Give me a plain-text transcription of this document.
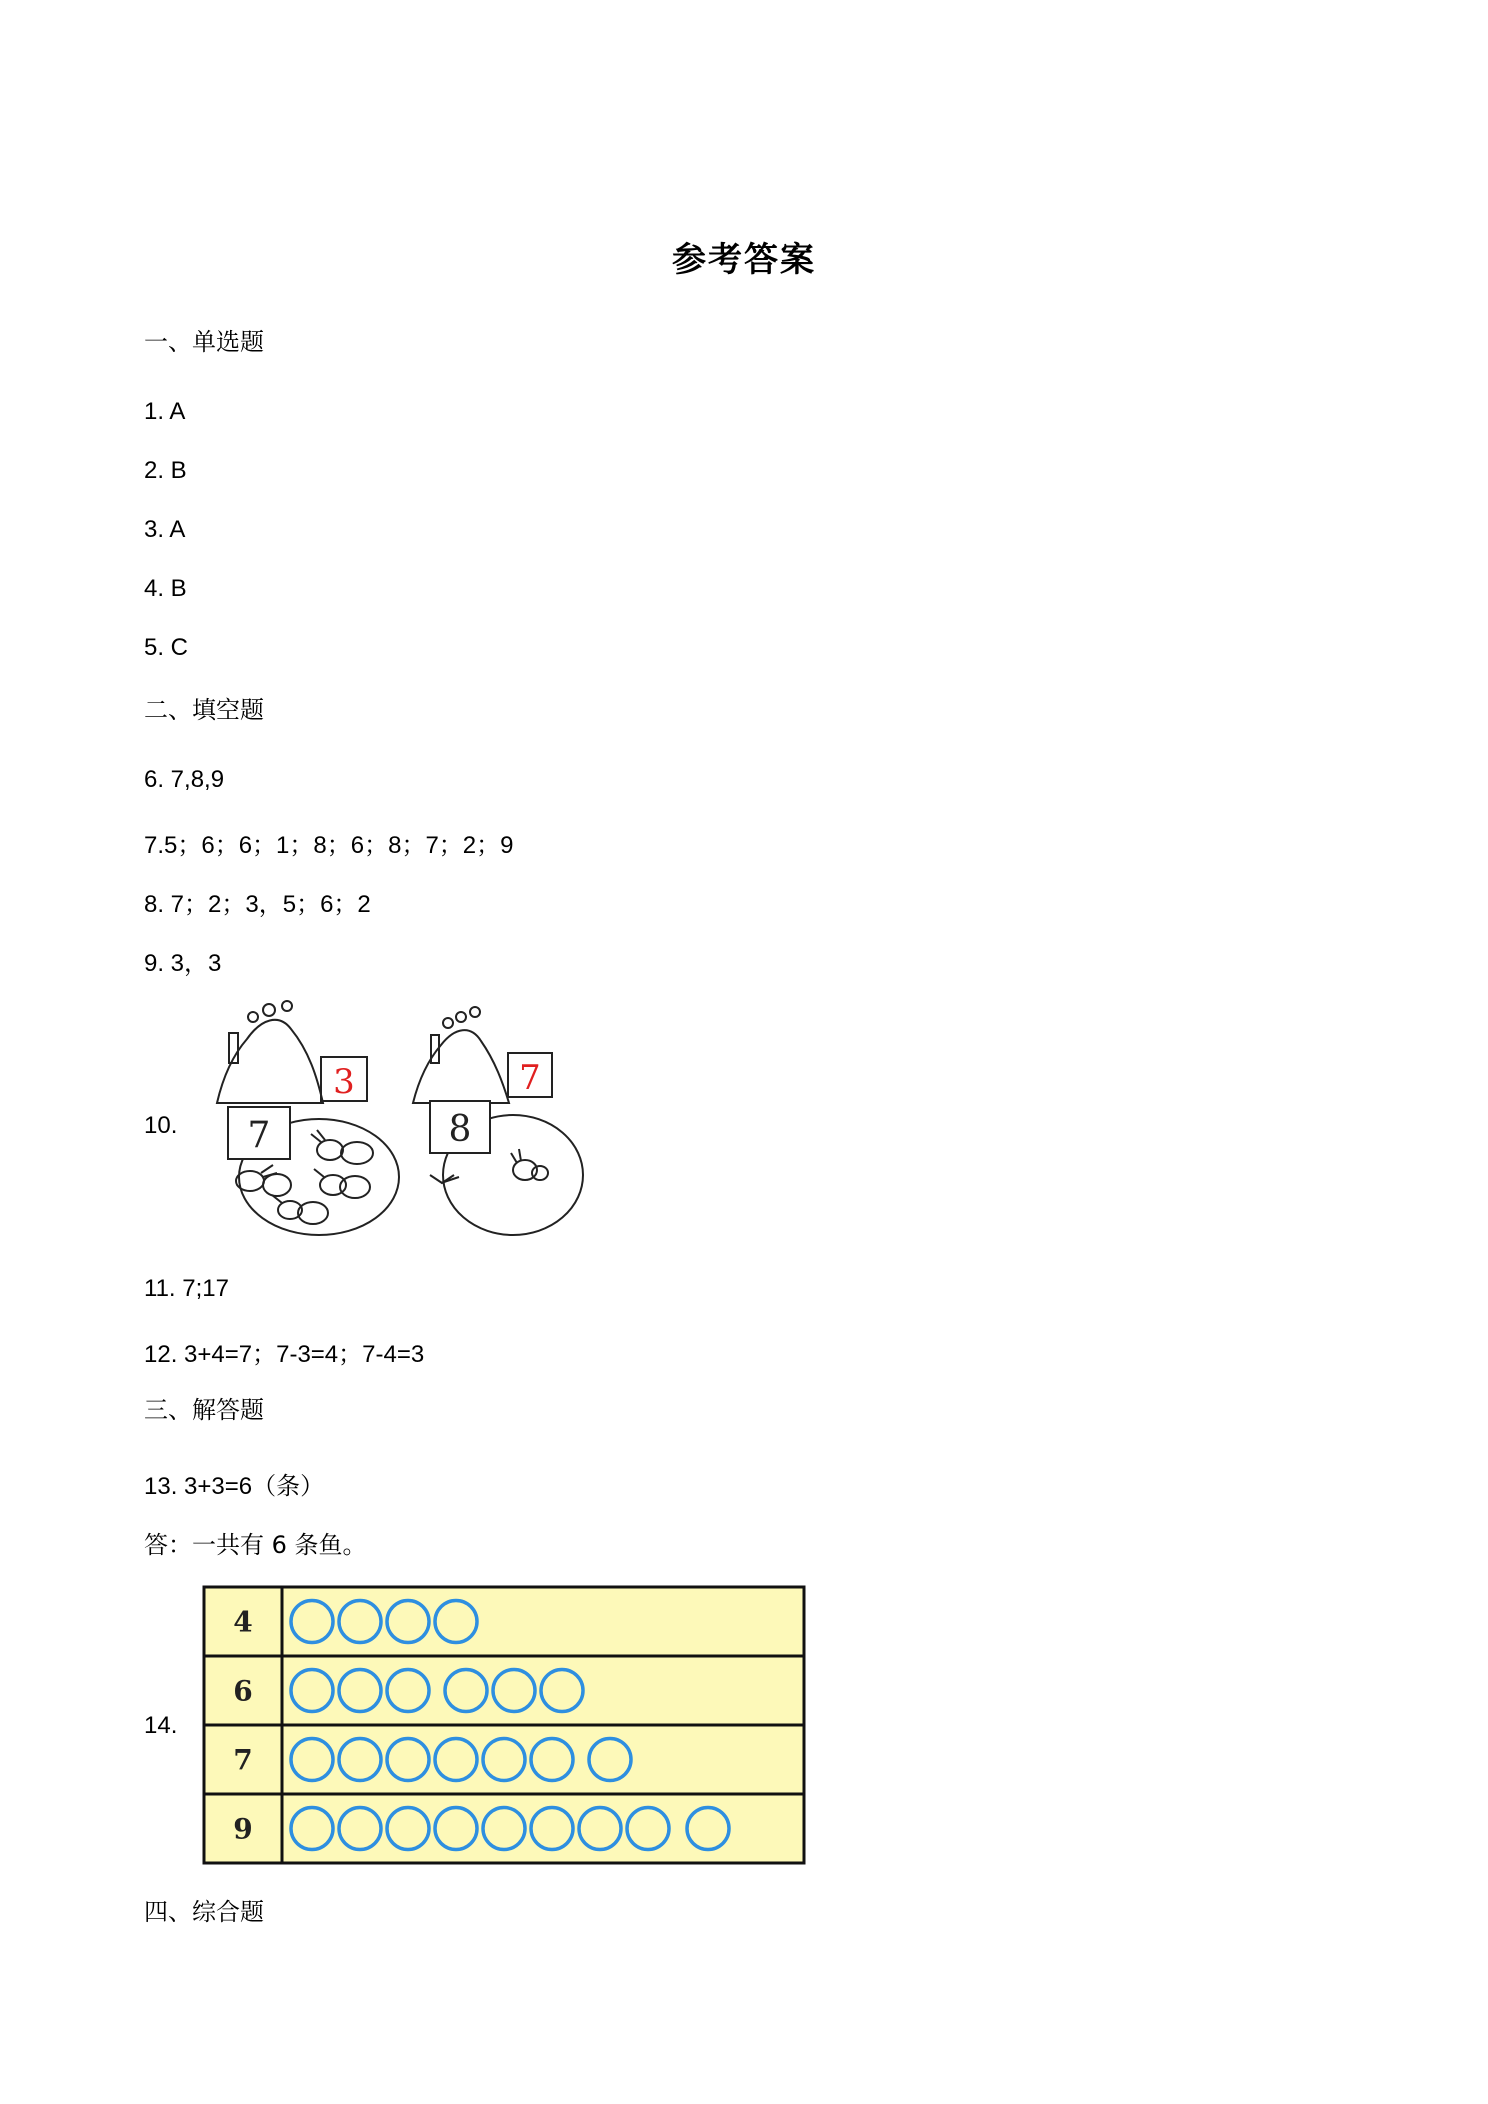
参考答案
一、单选题
1. A
2. B
3. A
4. B
5. C
二、填空题
6. 7,8,9
7.5；6；6；1；8；6；8；7；2；9
8. 7；2；3，5；6；2
9. 3，3
10. 7
3
8
7
11. 7;17
12. 3+4=7；7-3=4；7-4=3
三、解答题
13. 3+3=6（条）
答：一共有 6 条鱼。
14.
4
6
7
9
四、综合题
